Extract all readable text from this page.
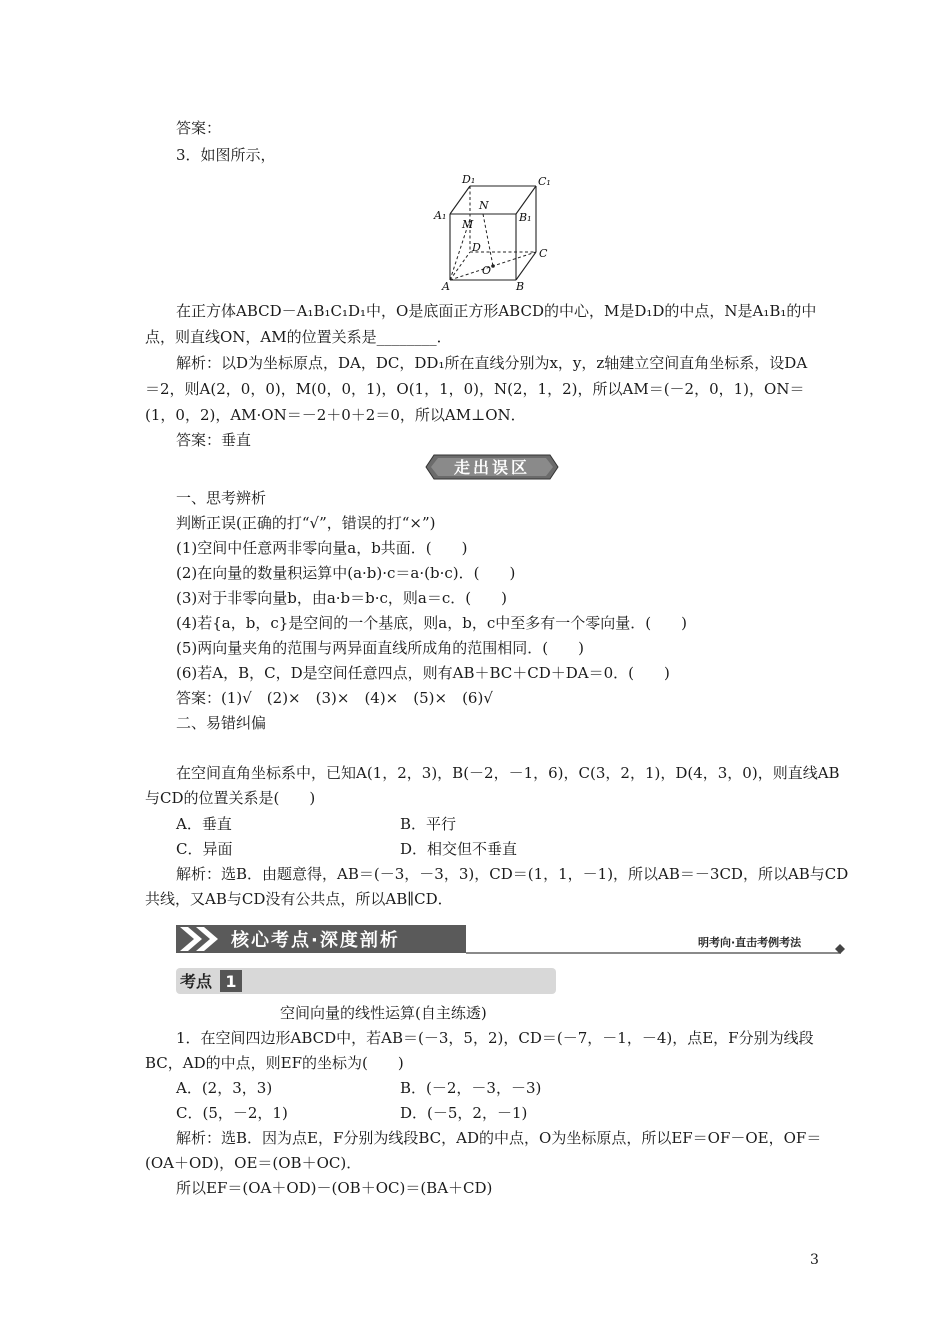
答案：
3．如图所示，
D₁	C₁
A₁	B₁
N
M
D	C
O
A	B
在正方体ABCD－A₁B₁C₁D₁中，O是底面正方形ABCD的中心，M是D₁D的中点，N是A₁B₁的中
点，则直线ON，AM的位置关系是________．
解析：以D为坐标原点，DA，DC，DD₁所在直线分别为x，y，z轴建立空间直角坐标系，设DA
＝2，则A(2，0，0)，M(0，0，1)，O(1，1，0)，N(2，1，2)，所以AM＝(－2，0，1)，ON＝
(1，0，2)，AM·ON＝－2＋0＋2＝0，所以AM⊥ON．
答案：垂直
走出误区
一、思考辨析
判断正误(正确的打“√”，错误的打“×”)
(1)空间中任意两非零向量a，b共面．(　　)
(2)在向量的数量积运算中(a·b)·c＝a·(b·c)．(　　)
(3)对于非零向量b，由a·b＝b·c，则a＝c．(　　)
(4)若{a，b，c}是空间的一个基底，则a，b，c中至多有一个零向量．(　　)
(5)两向量夹角的范围与两异面直线所成角的范围相同．(　　)
(6)若A，B，C，D是空间任意四点，则有AB＋BC＋CD＋DA＝0．(　　)
答案：(1)√　(2)×　(3)×　(4)×　(5)×　(6)√
二、易错纠偏
在空间直角坐标系中，已知A(1，2，3)，B(－2，－1，6)，C(3，2，1)，D(4，3，0)，则直线AB
与CD的位置关系是(　　)
A．垂直	B．平行
C．异面	D．相交但不垂直
解析：选B．由题意得，AB＝(－3，－3，3)，CD＝(1，1，－1)，所以AB＝－3CD，所以AB与CD
共线，又AB与CD没有公共点，所以AB∥CD．
核心考点·深度剖析	明考向·直击考例考法
考点 1
空间向量的线性运算(自主练透)
1．在空间四边形ABCD中，若AB＝(－3，5，2)，CD＝(－7，－1，－4)，点E，F分别为线段
BC，AD的中点，则EF的坐标为(　　)
A．(2，3，3)	B．(－2，－3，－3)
C．(5，－2，1)	D．(－5，2，－1)
解析：选B．因为点E，F分别为线段BC，AD的中点，O为坐标原点，所以EF＝OF－OE，OF＝
(OA＋OD)，OE＝(OB＋OC)．
所以EF＝(OA＋OD)－(OB＋OC)＝(BA＋CD)
3
